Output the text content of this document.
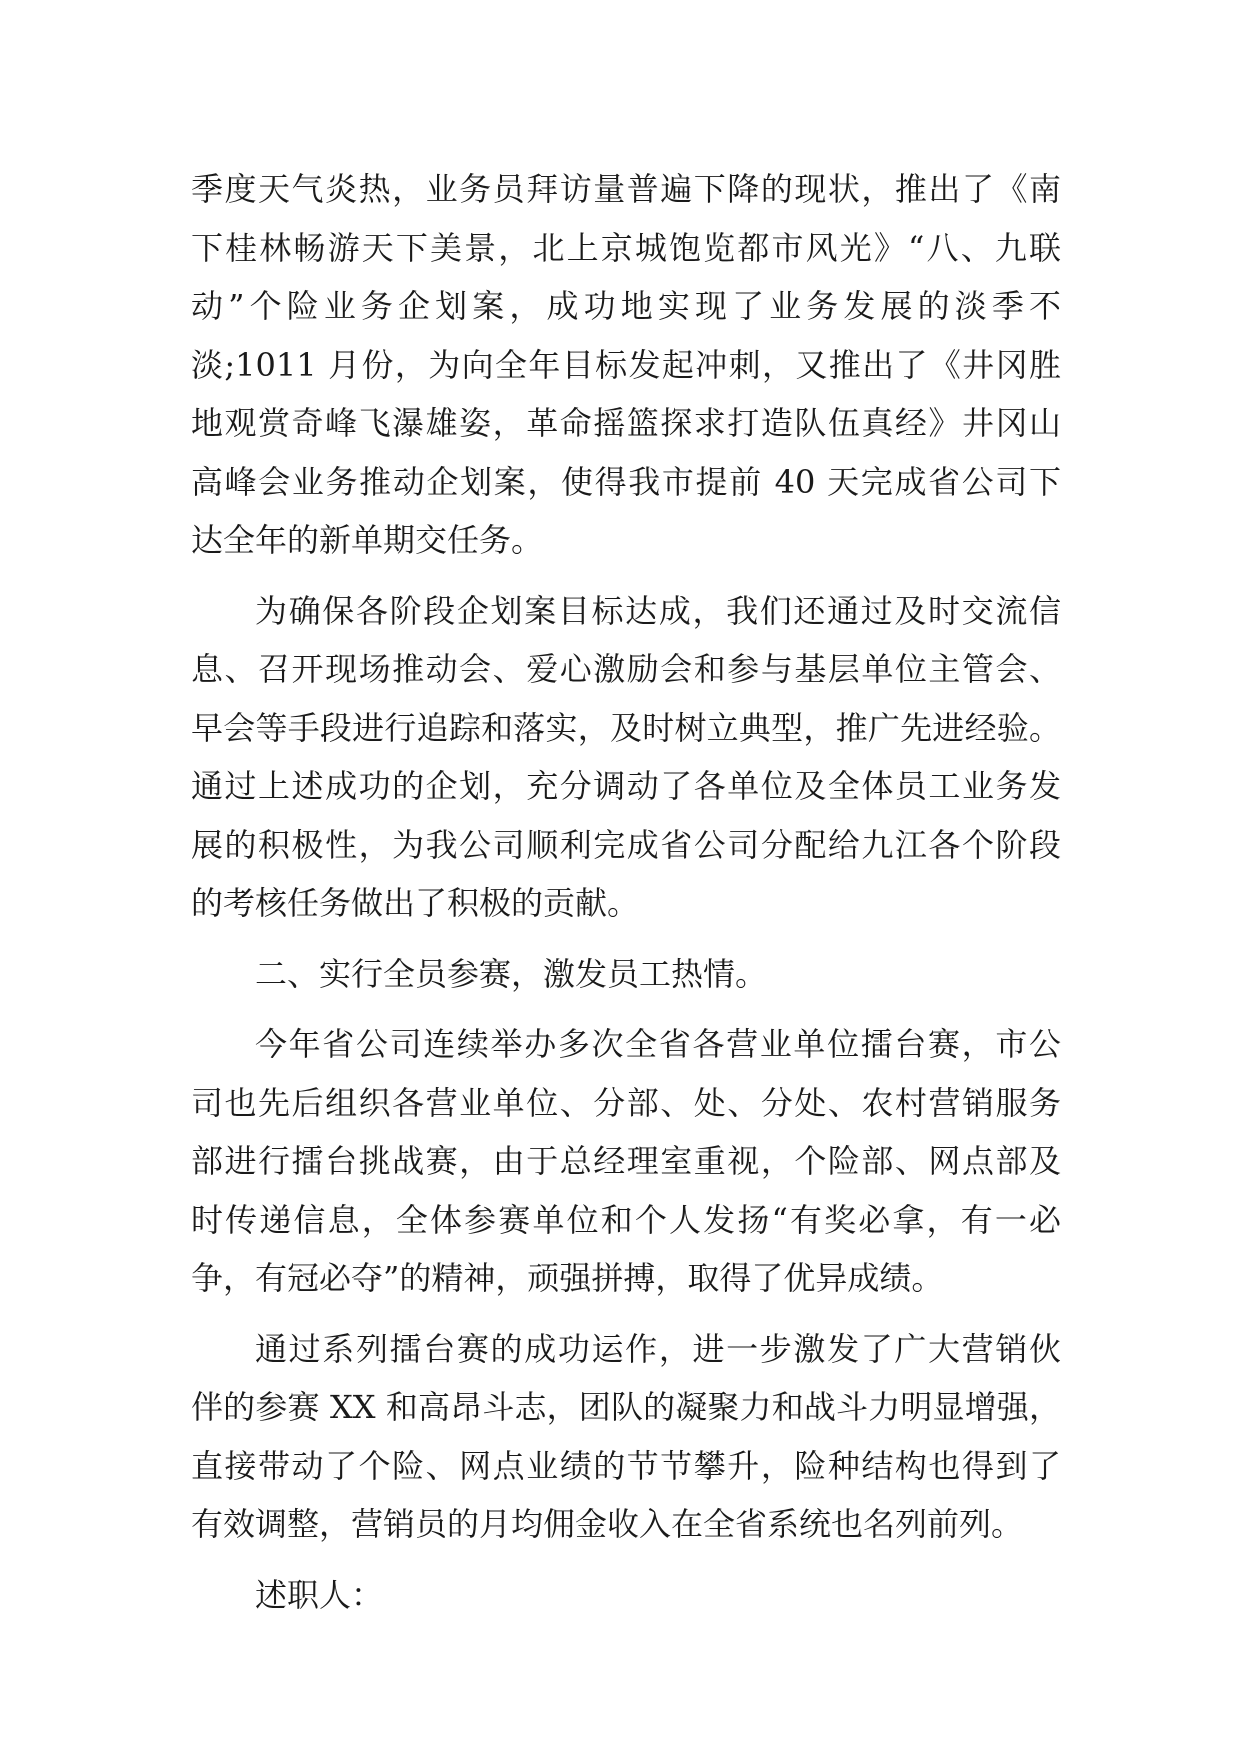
季度天气炎热，业务员拜访量普遍下降的现状，推出了《南
下桂林畅游天下美景，北上京城饱览都市风光》“八、九联
动”个险业务企划案，成功地实现了业务发展的淡季不
淡;1011 月份，为向全年目标发起冲刺，又推出了《井冈胜
地观赏奇峰飞瀑雄姿，革命摇篮探求打造队伍真经》井冈山
高峰会业务推动企划案，使得我市提前 40 天完成省公司下
达全年的新单期交任务。
为确保各阶段企划案目标达成，我们还通过及时交流信
息、召开现场推动会、爱心激励会和参与基层单位主管会、
早会等手段进行追踪和落实，及时树立典型，推广先进经验。
通过上述成功的企划，充分调动了各单位及全体员工业务发
展的积极性，为我公司顺利完成省公司分配给九江各个阶段
的考核任务做出了积极的贡献。
二、实行全员参赛，激发员工热情。
今年省公司连续举办多次全省各营业单位擂台赛，市公
司也先后组织各营业单位、分部、处、分处、农村营销服务
部进行擂台挑战赛，由于总经理室重视，个险部、网点部及
时传递信息，全体参赛单位和个人发扬“有奖必拿，有一必
争，有冠必夺”的精神，顽强拼搏，取得了优异成绩。
通过系列擂台赛的成功运作，进一步激发了广大营销伙
伴的参赛 XX 和高昂斗志，团队的凝聚力和战斗力明显增强，
直接带动了个险、网点业绩的节节攀升，险种结构也得到了
有效调整，营销员的月均佣金收入在全省系统也名列前列。
述职人：
